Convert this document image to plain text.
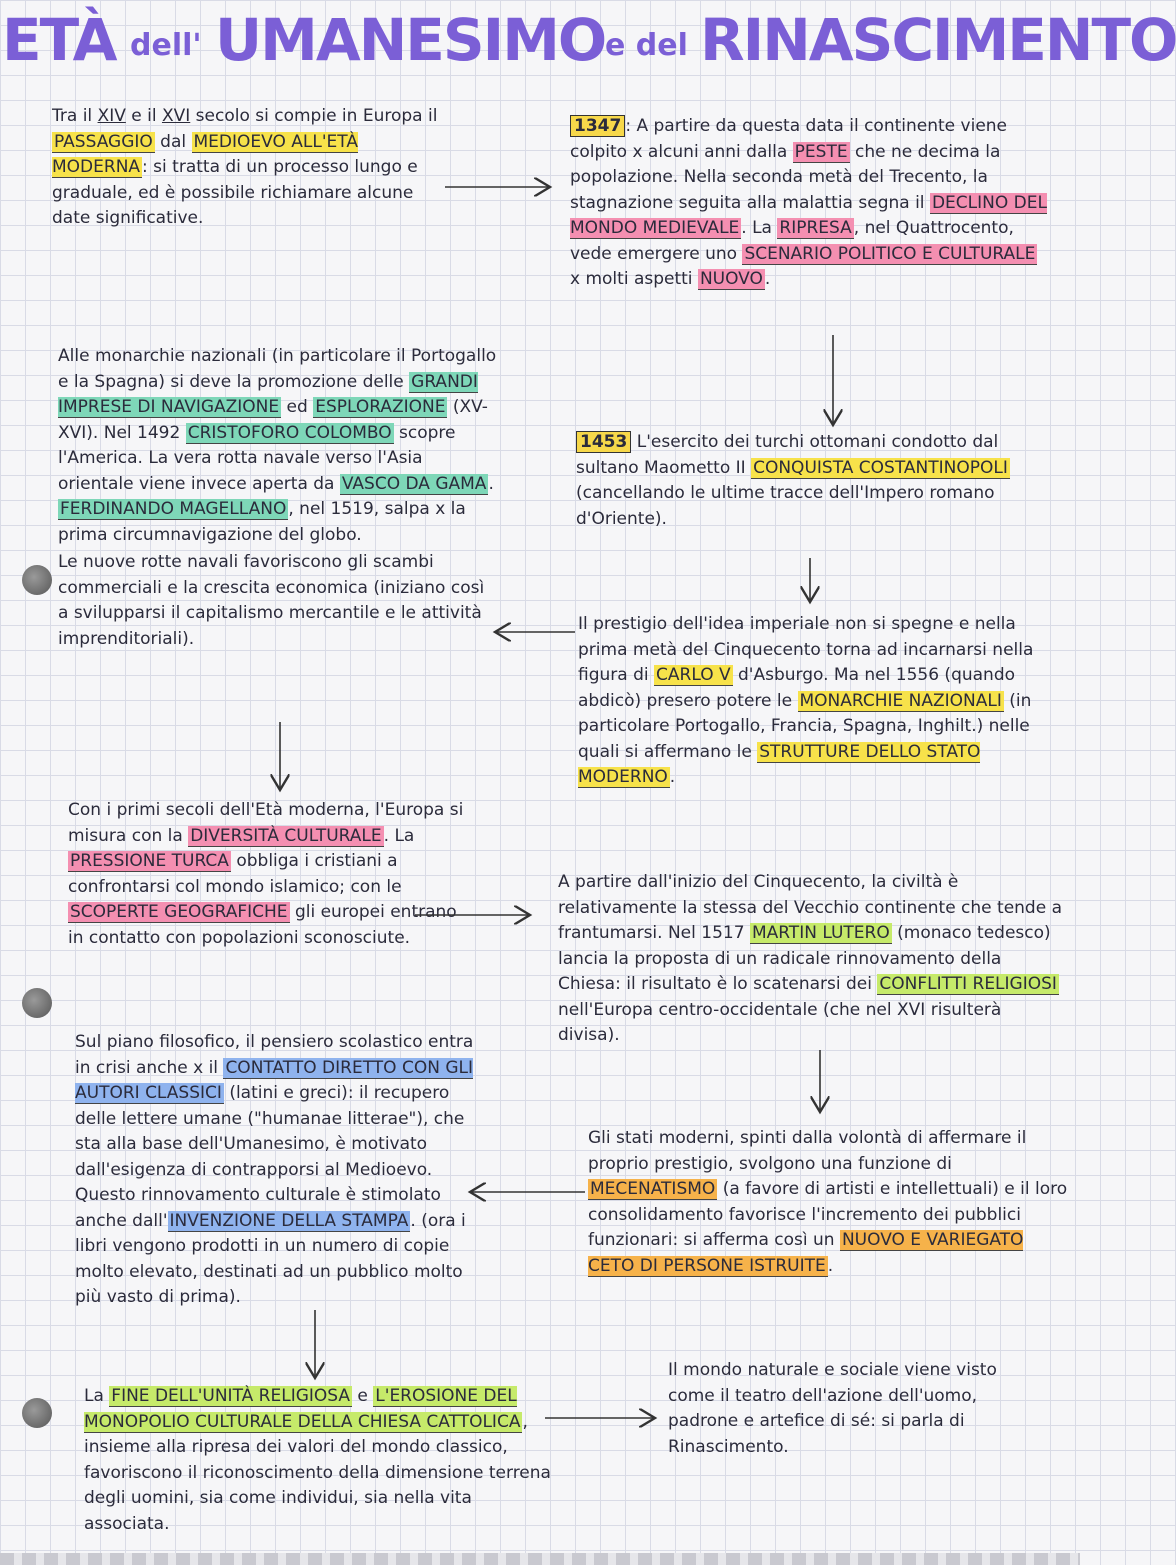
ETÀ dell' UMANESIMO e del RINASCIMENTO

Tra il XIV e il XVI secolo si compie in Europa il PASSAGGIO dal MEDIOEVO ALL'ETÀ MODERNA : si tratta di un processo lungo e graduale, ed è possibile richiamare alcune date significative.

1347 : A partire da questa data il continente viene colpito x alcuni anni dalla PESTE che ne decima la popolazione. Nella seconda metà del Trecento, la stagnazione seguita alla malattia segna il DECLINO DEL MONDO MEDIEVALE . La RIPRESA , nel Quattrocento, vede emergere uno SCENARIO POLITICO E CULTURALE x molti aspetti NUOVO .

Alle monarchie nazionali (in particolare il Portogallo e la Spagna) si deve la promozione delle GRANDI IMPRESE DI NAVIGAZIONE ed ESPLORAZIONE (XV-XVI). Nel 1492 CRISTOFORO COLOMBO scopre l'America. La vera rotta navale verso l'Asia orientale viene invece aperta da VASCO DA GAMA . FERDINANDO MAGELLANO , nel 1519, salpa x la prima circumnavigazione del globo.

Le nuove rotte navali favoriscono gli scambi commerciali e la crescita economica (iniziano così a svilupparsi il capitalismo mercantile e le attività imprenditoriali).

1453 L'esercito dei turchi ottomani condotto dal sultano Maometto II CONQUISTA COSTANTINOPOLI (cancellando le ultime tracce dell'Impero romano d'Oriente).

Il prestigio dell'idea imperiale non si spegne e nella prima metà del Cinquecento torna ad incarnarsi nella figura di CARLO V d'Asburgo. Ma nel 1556 (quando abdicò) presero potere le MONARCHIE NAZIONALI (in particolare Portogallo, Francia, Spagna, Inghilt.) nelle quali si affermano le STRUTTURE DELLO STATO MODERNO .

Con i primi secoli dell'Età moderna, l'Europa si misura con la DIVERSITÀ CULTURALE . La PRESSIONE TURCA obbliga i cristiani a confrontarsi col mondo islamico; con le SCOPERTE GEOGRAFICHE gli europei entrano in contatto con popolazioni sconosciute.

A partire dall'inizio del Cinquecento, la civiltà è relativamente la stessa del Vecchio continente che tende a frantumarsi. Nel 1517 MARTIN LUTERO (monaco tedesco) lancia la proposta di un radicale rinnovamento della Chiesa: il risultato è lo scatenarsi dei CONFLITTI RELIGIOSI nell'Europa centro-occidentale (che nel XVI risulterà divisa).

Sul piano filosofico, il pensiero scolastico entra in crisi anche x il CONTATTO DIRETTO CON GLI AUTORI CLASSICI (latini e greci): il recupero delle lettere umane ("humanae litterae"), che sta alla base dell'Umanesimo, è motivato dall'esigenza di contrapporsi al Medioevo. Questo rinnovamento culturale è stimolato anche dall' INVENZIONE DELLA STAMPA . (ora i libri vengono prodotti in un numero di copie molto elevato, destinati ad un pubblico molto più vasto di prima).

Gli stati moderni, spinti dalla volontà di affermare il proprio prestigio, svolgono una funzione di MECENATISMO (a favore di artisti e intellettuali) e il loro consolidamento favorisce l'incremento dei pubblici funzionari: si afferma così un NUOVO E VARIEGATO CETO DI PERSONE ISTRUITE .

La FINE DELL'UNITÀ RELIGIOSA e L'EROSIONE DEL MONOPOLIO CULTURALE DELLA CHIESA CATTOLICA , insieme alla ripresa dei valori del mondo classico, favoriscono il riconoscimento della dimensione terrena degli uomini, sia come individui, sia nella vita associata.

Il mondo naturale e sociale viene visto come il teatro dell'azione dell'uomo, padrone e artefice di sé: si parla di Rinascimento.
